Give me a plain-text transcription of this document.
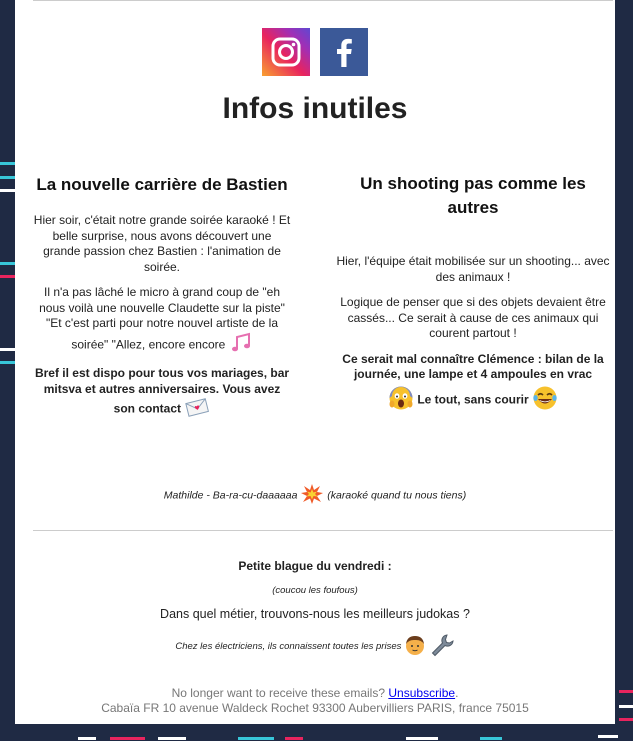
Infos inutiles
La nouvelle carrière de Bastien

Hier soir, c'était notre grande soirée karaoké ! Et belle surprise, nous avons découvert une grande passion chez Bastien : l'animation de soirée.

Il n'a pas lâché le micro à grand coup de "eh nous voilà une nouvelle Claudette sur la piste" "Et c'est parti pour notre nouvel artiste de la soirée" "Allez, encore encore

Bref il est dispo pour tous vos mariages, bar mitsva et autres anniversaires. Vous avez son contact

Un shooting pas comme les autres

Hier, l'équipe était mobilisée sur un shooting... avec des animaux !

Logique de penser que si des objets devaient être cassés... Ce serait à cause de ces animaux qui courent partout !

Ce serait mal connaître Clémence : bilan de la journée, une lampe et 4 ampoules en vrac

Le tout, sans courir

Mathilde - Ba-ra-cu-daaaaaa	(karaoké quand tu nous tiens)
Petite blague du vendredi :
(coucou les foufous)
Dans quel métier, trouvons-nous les meilleurs judokas ?
Chez les électriciens, ils connaissent toutes les prises
No longer want to receive these emails? Unsubscribe.
Cabaïa FR 10 avenue Waldeck Rochet 93300 Aubervilliers PARIS, france 75015
